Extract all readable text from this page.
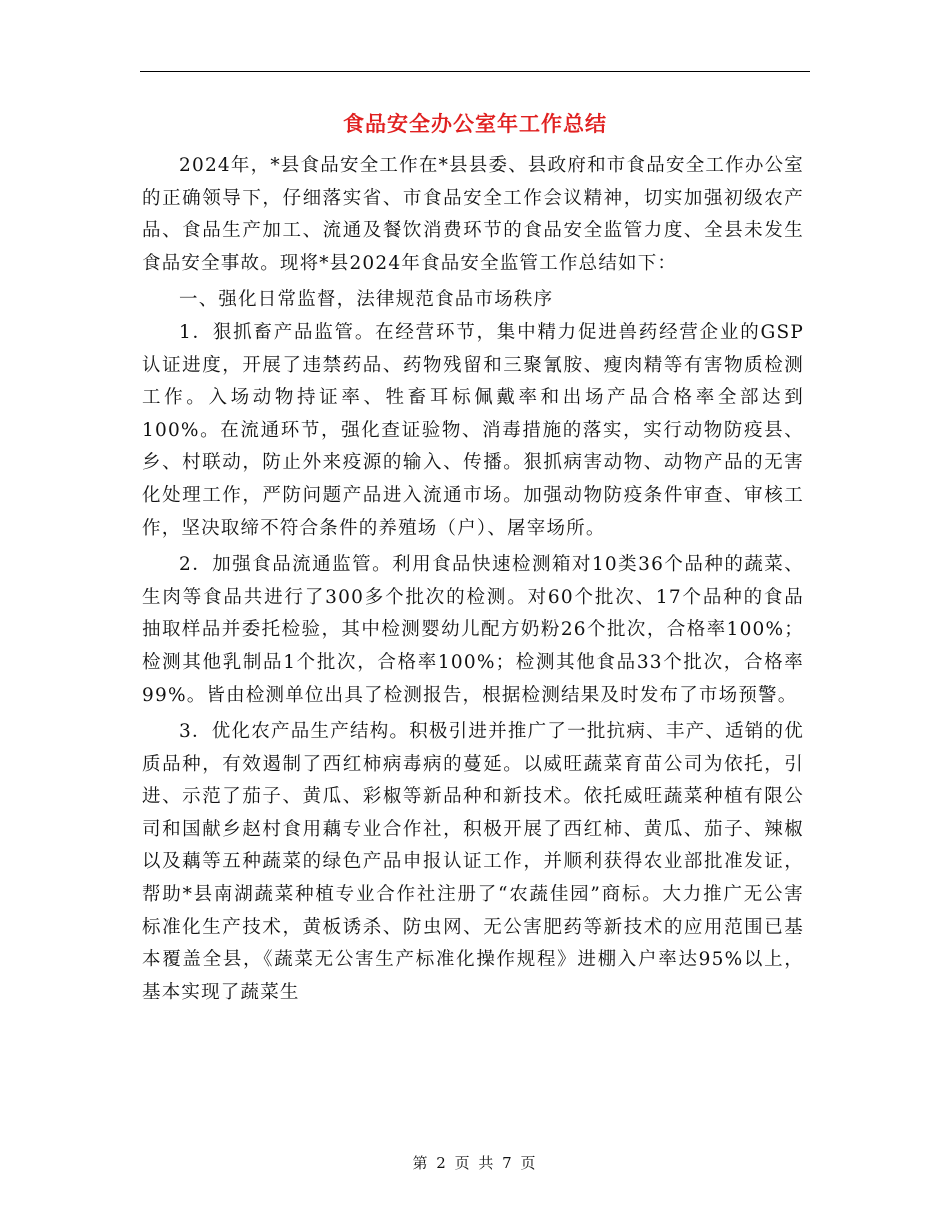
食品安全办公室年工作总结

2024年，*县食品安全工作在*县县委、县政府和市食品安全工作办公室的正确领导下，仔细落实省、市食品安全工作会议精神，切实加强初级农产品、食品生产加工、流通及餐饮消费环节的食品安全监管力度、全县未发生食品安全事故。现将*县2024年食品安全监管工作总结如下：

一、强化日常监督，法律规范食品市场秩序

1．狠抓畜产品监管。在经营环节，集中精力促进兽药经营企业的GSP认证进度，开展了违禁药品、药物残留和三聚氰胺、瘦肉精等有害物质检测工作。入场动物持证率、牲畜耳标佩戴率和出场产品合格率全部达到100%。在流通环节，强化查证验物、消毒措施的落实，实行动物防疫县、乡、村联动，防止外来疫源的输入、传播。狠抓病害动物、动物产品的无害化处理工作，严防问题产品进入流通市场。加强动物防疫条件审查、审核工作，坚决取缔不符合条件的养殖场（户）、屠宰场所。

2．加强食品流通监管。利用食品快速检测箱对10类36个品种的蔬菜、生肉等食品共进行了300多个批次的检测。对60个批次、17个品种的食品抽取样品并委托检验，其中检测婴幼儿配方奶粉26个批次，合格率100%；检测其他乳制品1个批次，合格率100%；检测其他食品33个批次，合格率99%。皆由检测单位出具了检测报告，根据检测结果及时发布了市场预警。

3．优化农产品生产结构。积极引进并推广了一批抗病、丰产、适销的优质品种，有效遏制了西红柿病毒病的蔓延。以威旺蔬菜育苗公司为依托，引进、示范了茄子、黄瓜、彩椒等新品种和新技术。依托威旺蔬菜种植有限公司和国献乡赵村食用藕专业合作社，积极开展了西红柿、黄瓜、茄子、辣椒以及藕等五种蔬菜的绿色产品申报认证工作，并顺利获得农业部批准发证，帮助*县南湖蔬菜种植专业合作社注册了“农蔬佳园”商标。大力推广无公害标准化生产技术，黄板诱杀、防虫网、无公害肥药等新技术的应用范围已基本覆盖全县，《蔬菜无公害生产标准化操作规程》进棚入户率达95%以上，基本实现了蔬菜生

第 2 页 共 7 页
